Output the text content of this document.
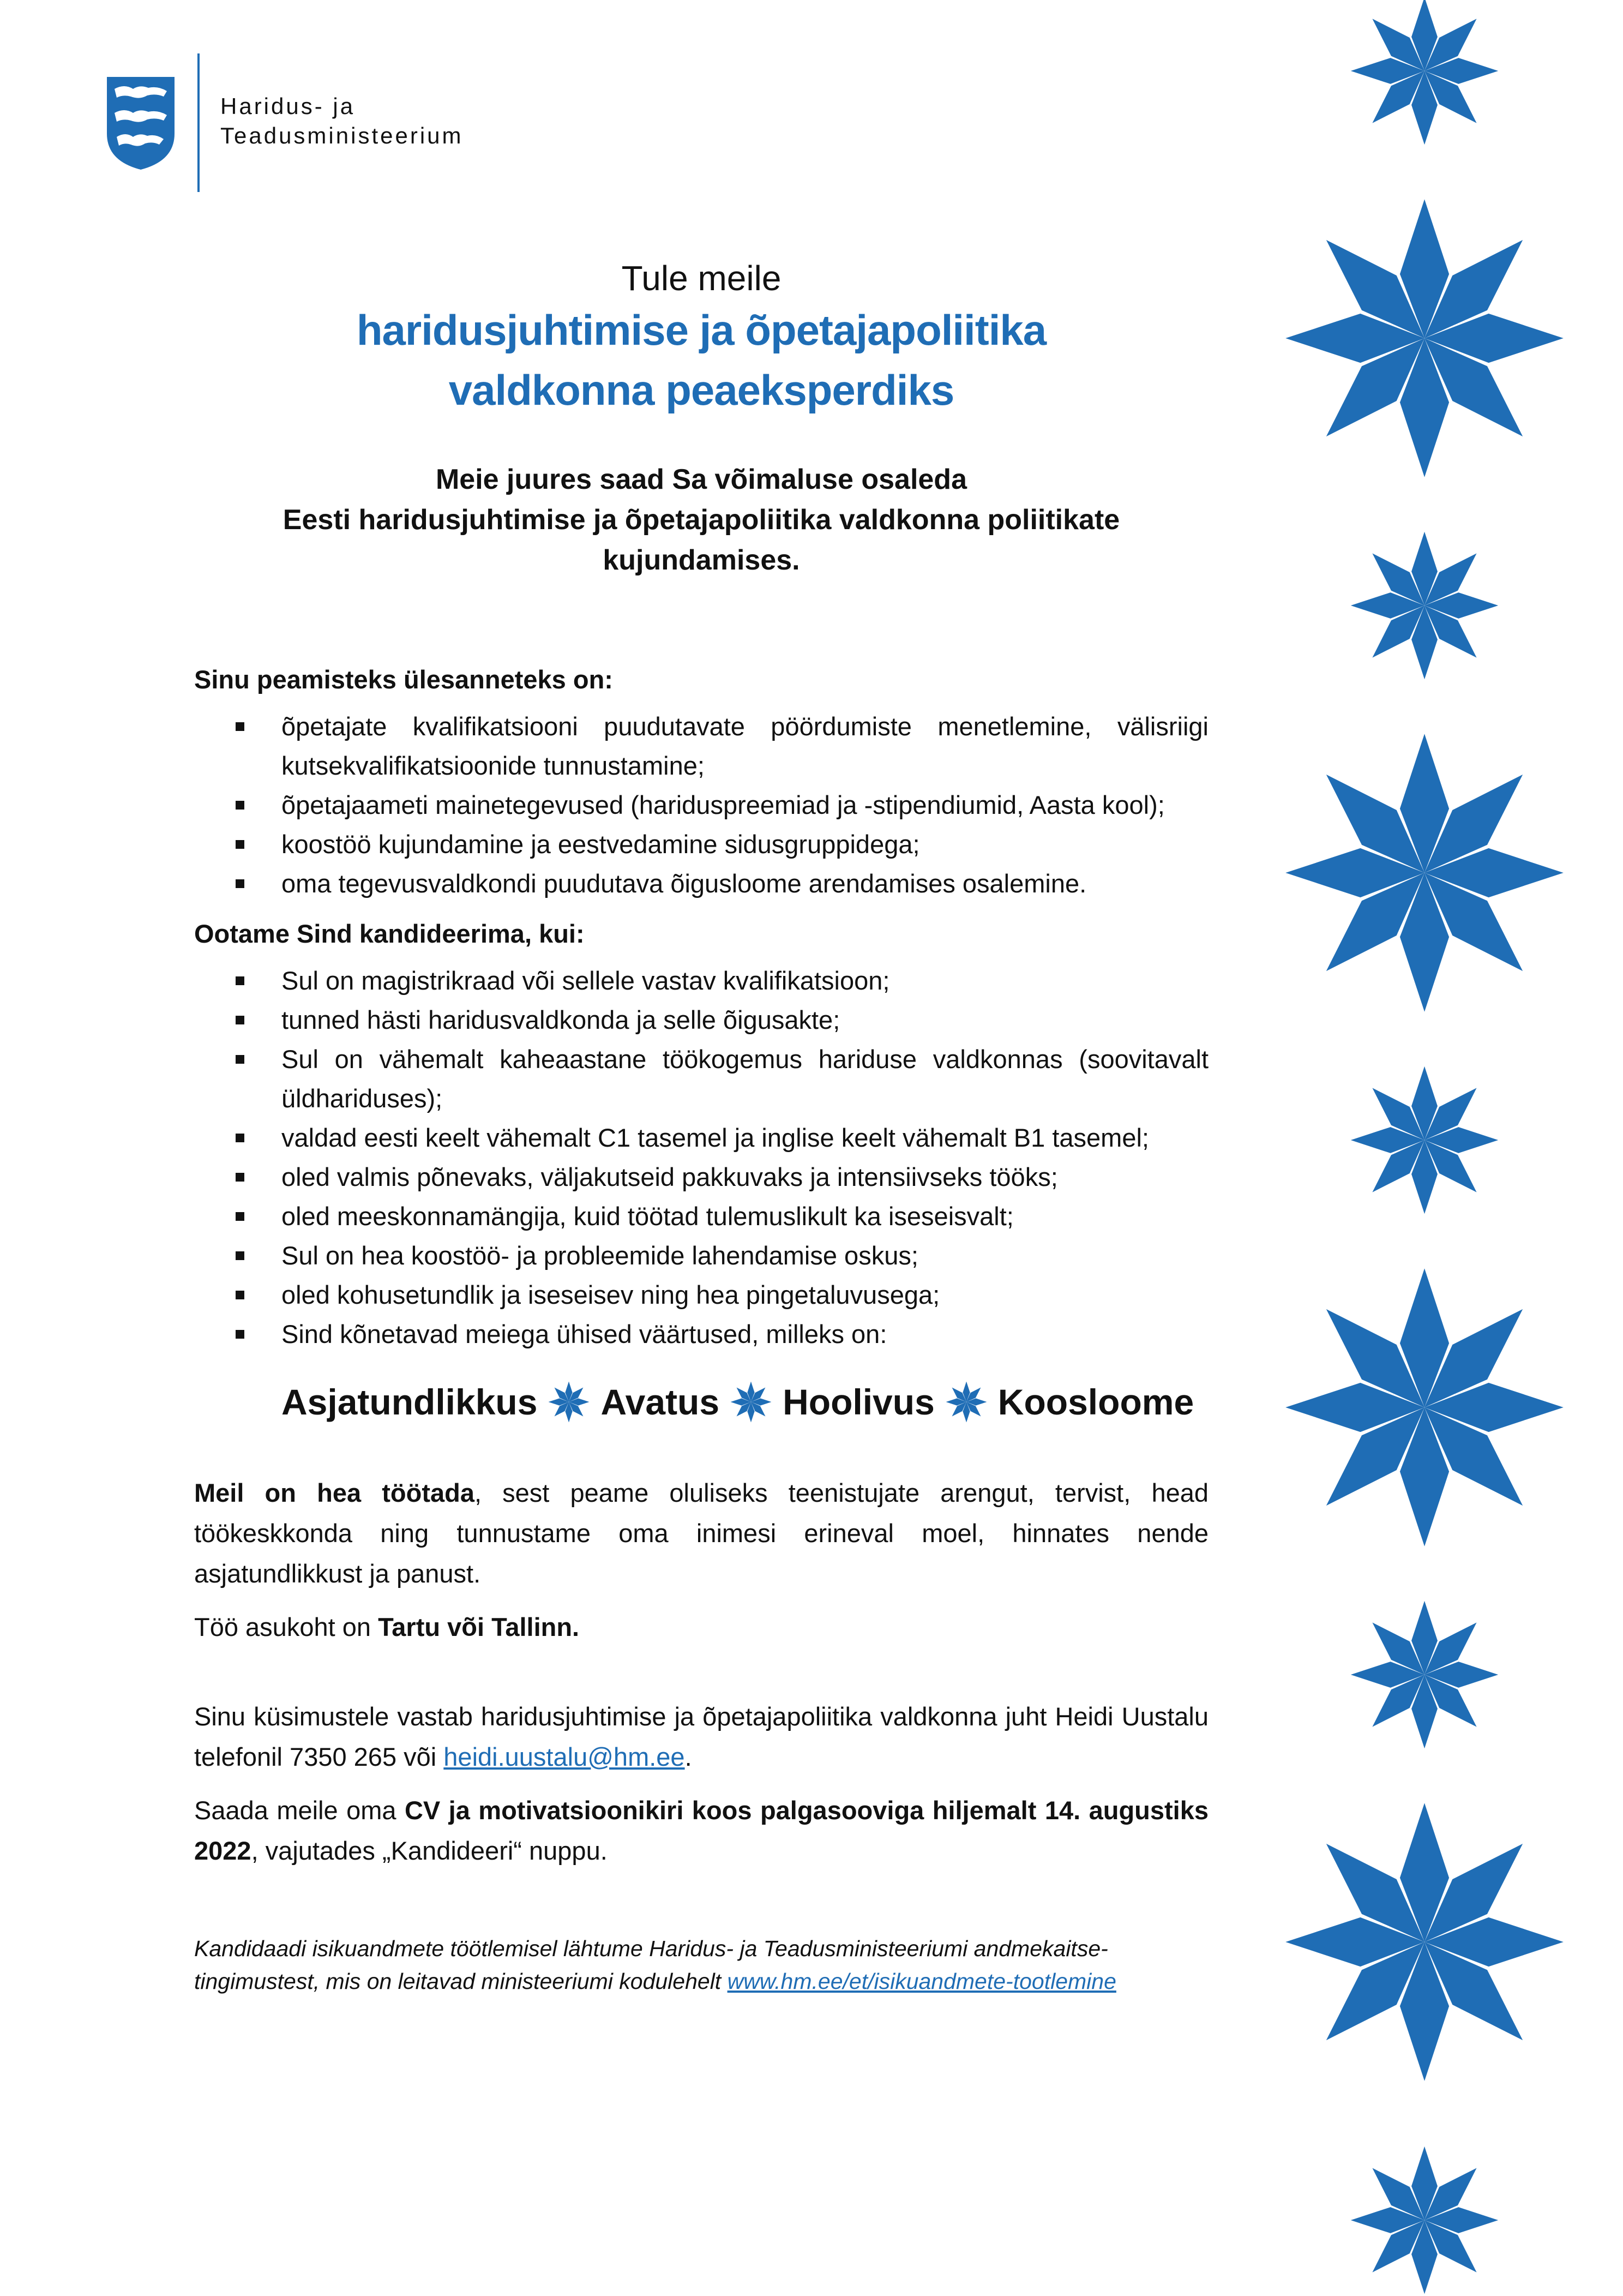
Haridus- ja
Teadusministeerium

Tule meile

haridusjuhtimise ja õpetajapoliitika

valdkonna peaeksperdiks

Meie juures saad Sa võimaluse osaleda

Eesti haridusjuhtimise ja õpetajapoliitika valdkonna poliitikate kujundamises.

Sinu peamisteks ülesanneteks on:

õpetajate kvalifikatsiooni puudutavate pöördumiste menetlemine, välisriigi kutsekvalifikatsioonide tunnustamine;
õpetajaameti mainetegevused (hariduspreemiad ja -stipendiumid, Aasta kool);
koostöö kujundamine ja eestvedamine sidusgruppidega;
oma tegevusvaldkondi puudutava õigusloome arendamises osalemine.

Ootame Sind kandideerima, kui:

Sul on magistrikraad või sellele vastav kvalifikatsioon;
tunned hästi haridusvaldkonda ja selle õigusakte;
Sul on vähemalt kaheaastane töökogemus hariduse valdkonnas (soovitavalt üldhariduses);
valdad eesti keelt vähemalt C1 tasemel ja inglise keelt vähemalt B1 tasemel;
oled valmis põnevaks, väljakutseid pakkuvaks ja intensiivseks tööks;
oled meeskonnamängija, kuid töötad tulemuslikult ka iseseisvalt;
Sul on hea koostöö- ja probleemide lahendamise oskus;
oled kohusetundlik ja iseseisev ning hea pingetaluvusega;
Sind kõnetavad meiega ühised väärtused, milleks on:
Asjatundlikkus Avatus Hoolivus Koosloome

Meil on hea töötada, sest peame oluliseks teenistujate arengut, tervist, head töökeskkonda ning tunnustame oma inimesi erineval moel, hinnates nende asjatundlikkust ja panust.

Töö asukoht on Tartu või Tallinn.

Sinu küsimustele vastab haridusjuhtimise ja õpetajapoliitika valdkonna juht Heidi Uustalu telefonil 7350 265 või heidi.uustalu@hm.ee.

Saada meile oma CV ja motivatsioonikiri koos palgasooviga hiljemalt 14. augustiks 2022, vajutades „Kandideeri“ nuppu.

Kandidaadi isikuandmete töötlemisel lähtume Haridus- ja Teadusministeeriumi andmekaitse-tingimustest, mis on leitavad ministeeriumi kodulehelt www.hm.ee/et/isikuandmete-tootlemine
